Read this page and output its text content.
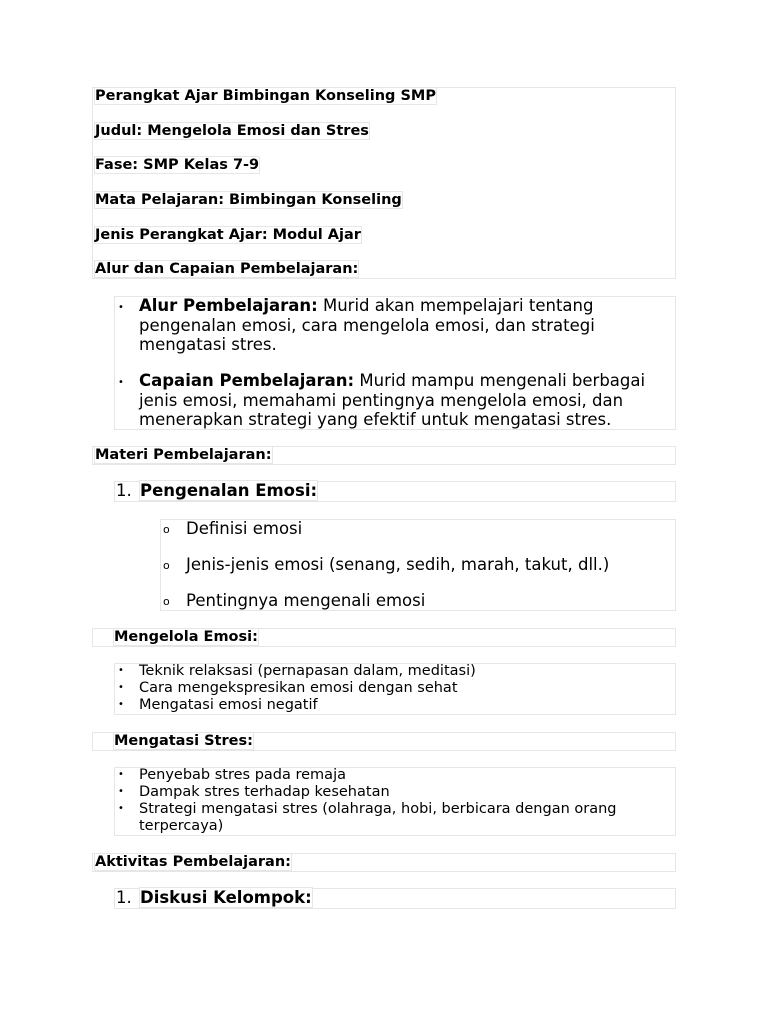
Perangkat Ajar Bimbingan Konseling SMP
Judul: Mengelola Emosi dan Stres
Fase: SMP Kelas 7-9
Mata Pelajaran: Bimbingan Konseling
Jenis Perangkat Ajar: Modul Ajar
Alur dan Capaian Pembelajaran:
• Alur Pembelajaran: Murid akan mempelajari tentang pengenalan emosi, cara mengelola emosi, dan strategi mengatasi stres.
• Capaian Pembelajaran: Murid mampu mengenali berbagai jenis emosi, memahami pentingnya mengelola emosi, dan menerapkan strategi yang efektif untuk mengatasi stres.
Materi Pembelajaran:
1. Pengenalan Emosi:
o Definisi emosi
o Jenis-jenis emosi (senang, sedih, marah, takut, dll.)
o Pentingnya mengenali emosi
Mengelola Emosi:
• Teknik relaksasi (pernapasan dalam, meditasi)
• Cara mengekspresikan emosi dengan sehat
• Mengatasi emosi negatif
Mengatasi Stres:
• Penyebab stres pada remaja
• Dampak stres terhadap kesehatan
• Strategi mengatasi stres (olahraga, hobi, berbicara dengan orang terpercaya)
Aktivitas Pembelajaran:
1. Diskusi Kelompok:
